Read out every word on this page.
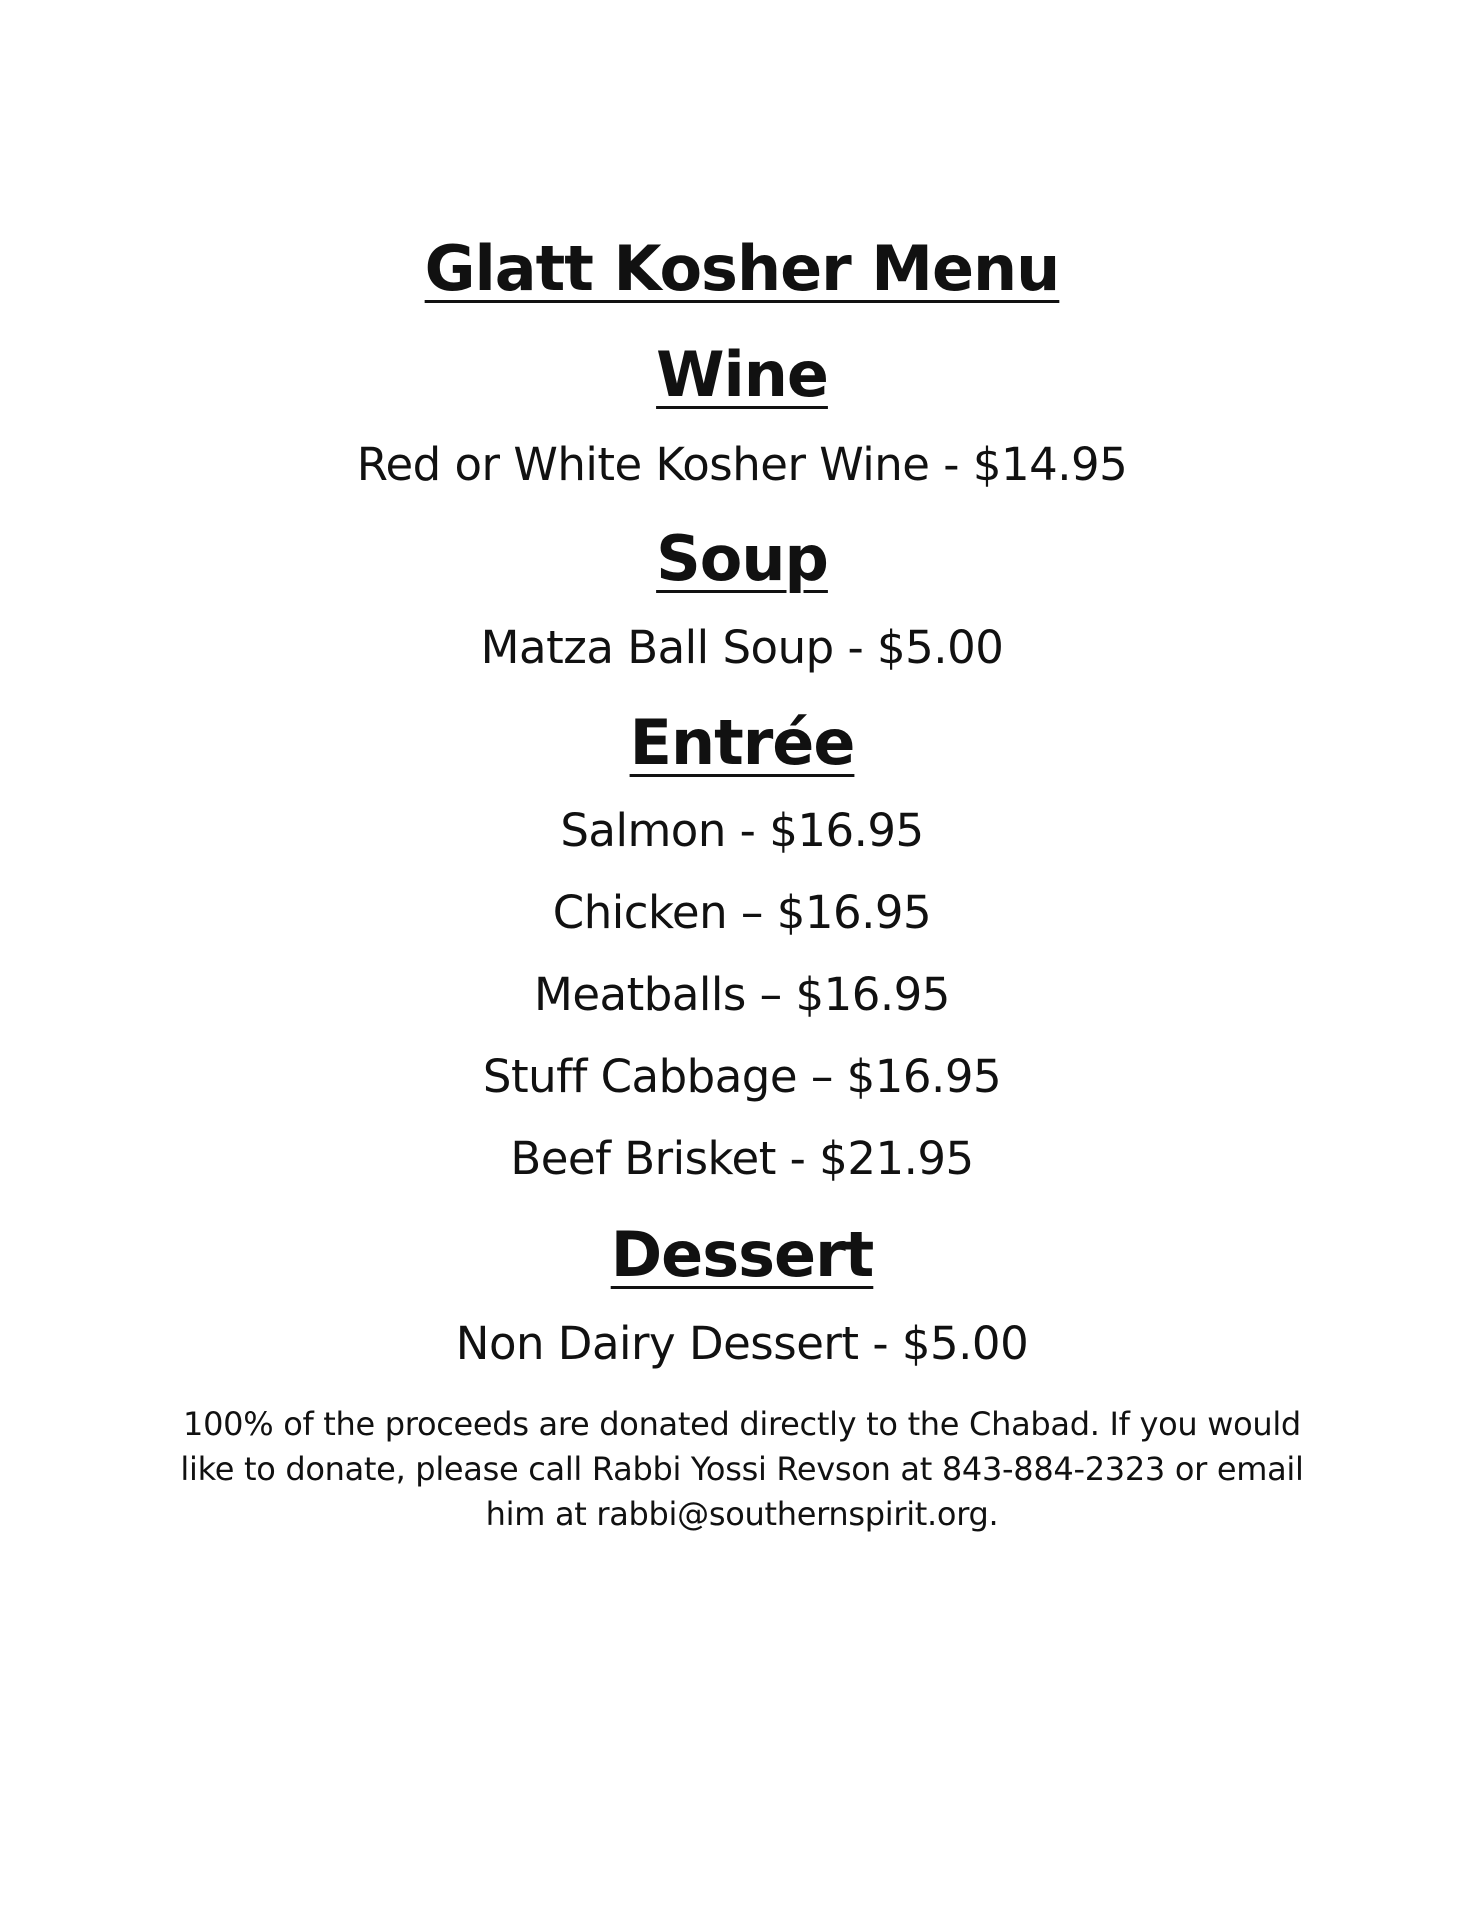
Glatt Kosher Menu
Wine

Red or White Kosher Wine - $14.95

Soup

Matza Ball Soup - $5.00

Entrée

Salmon - $16.95

Chicken – $16.95

Meatballs – $16.95

Stuff Cabbage – $16.95

Beef Brisket - $21.95

Dessert

Non Dairy Dessert - $5.00

100% of the proceeds are donated directly to the Chabad. If you would like to donate, please call Rabbi Yossi Revson at 843-884-2323 or email him at rabbi@southernspirit.org.
